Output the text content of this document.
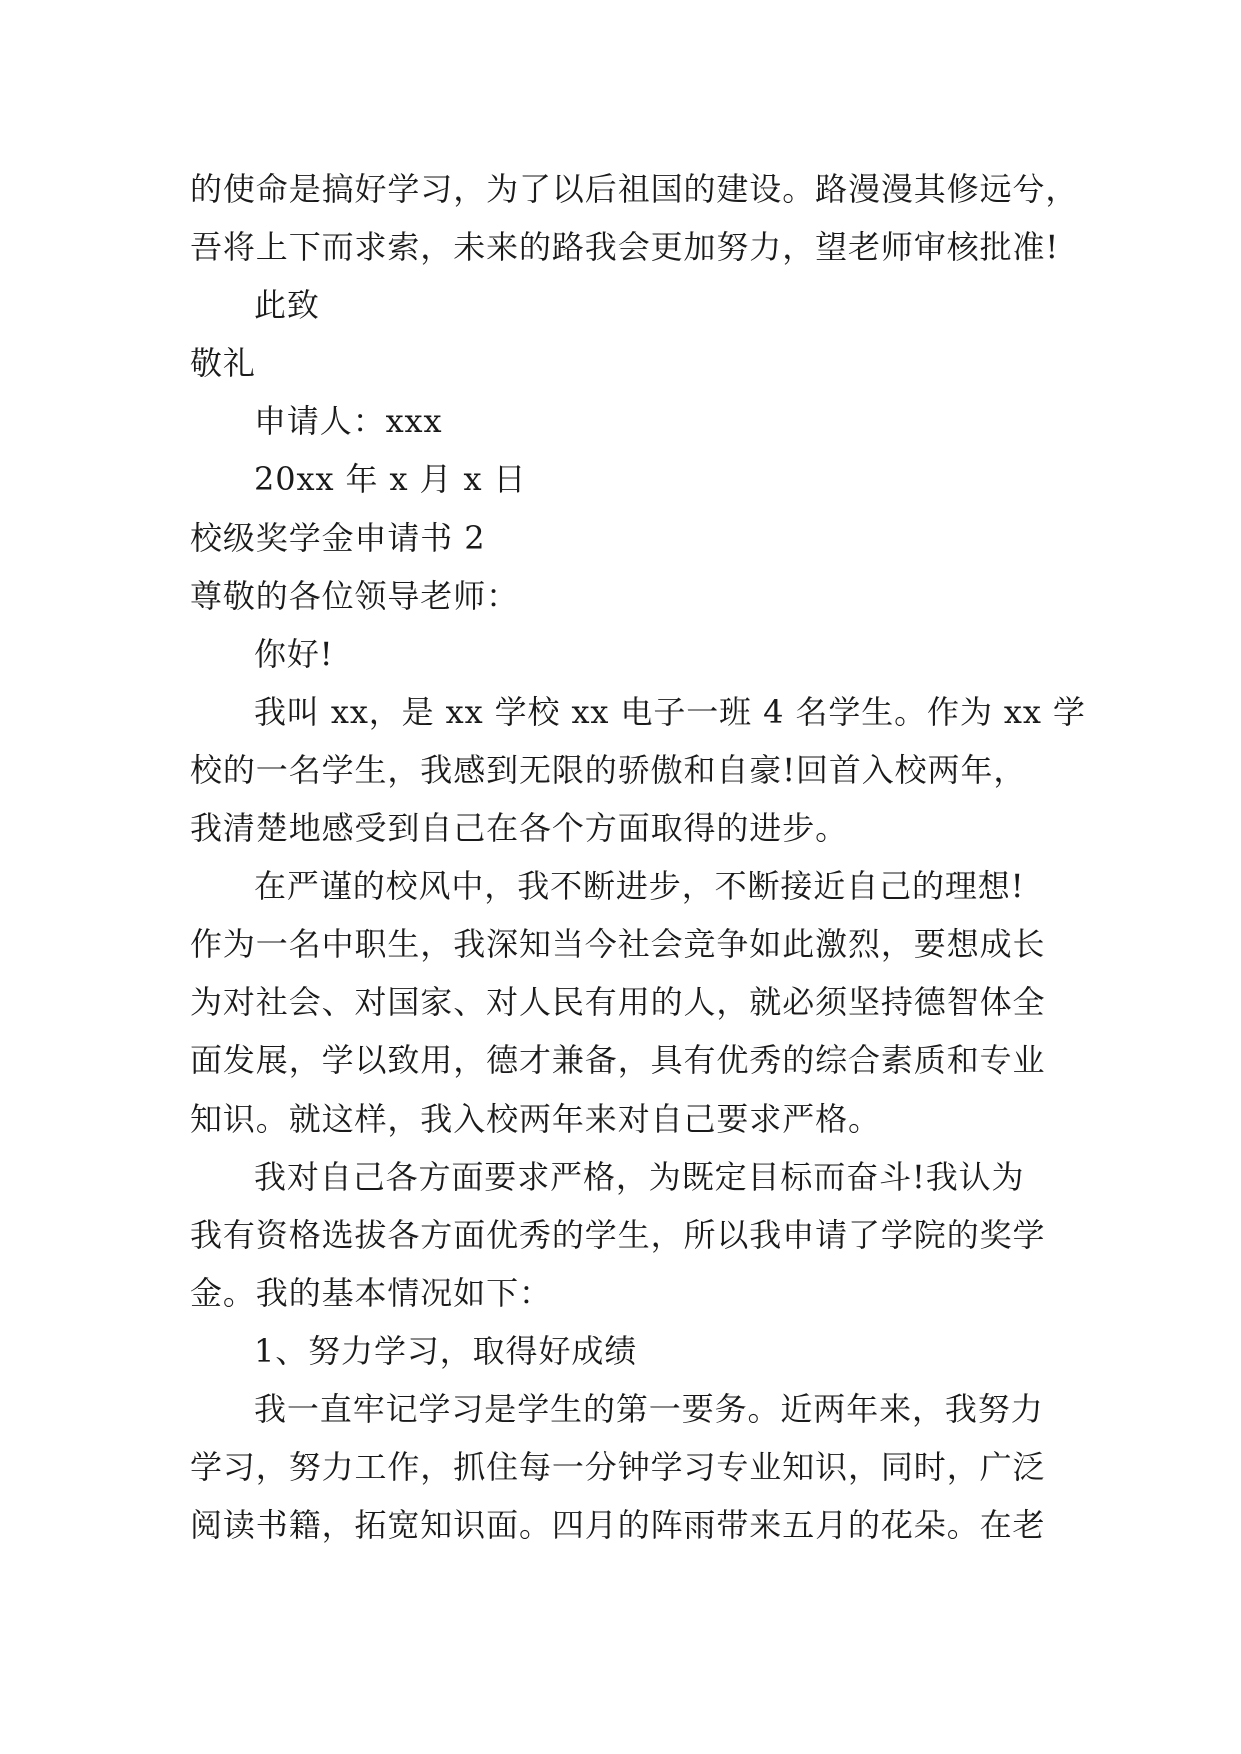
的使命是搞好学习，为了以后祖国的建设。路漫漫其修远兮，
吾将上下而求索，未来的路我会更加努力，望老师审核批准!
此致
敬礼
申请人：xxx
20xx 年 x 月 x 日
校级奖学金申请书 2
尊敬的各位领导老师：
你好!
我叫 xx，是 xx 学校 xx 电子一班 4 名学生。作为 xx 学
校的一名学生，我感到无限的骄傲和自豪!回首入校两年，
我清楚地感受到自己在各个方面取得的进步。
在严谨的校风中，我不断进步，不断接近自己的理想!
作为一名中职生，我深知当今社会竞争如此激烈，要想成长
为对社会、对国家、对人民有用的人，就必须坚持德智体全
面发展，学以致用，德才兼备，具有优秀的综合素质和专业
知识。就这样，我入校两年来对自己要求严格。
我对自己各方面要求严格，为既定目标而奋斗!我认为
我有资格选拔各方面优秀的学生，所以我申请了学院的奖学
金。我的基本情况如下：
1、努力学习，取得好成绩
我一直牢记学习是学生的第一要务。近两年来，我努力
学习，努力工作，抓住每一分钟学习专业知识，同时，广泛
阅读书籍，拓宽知识面。四月的阵雨带来五月的花朵。在老
